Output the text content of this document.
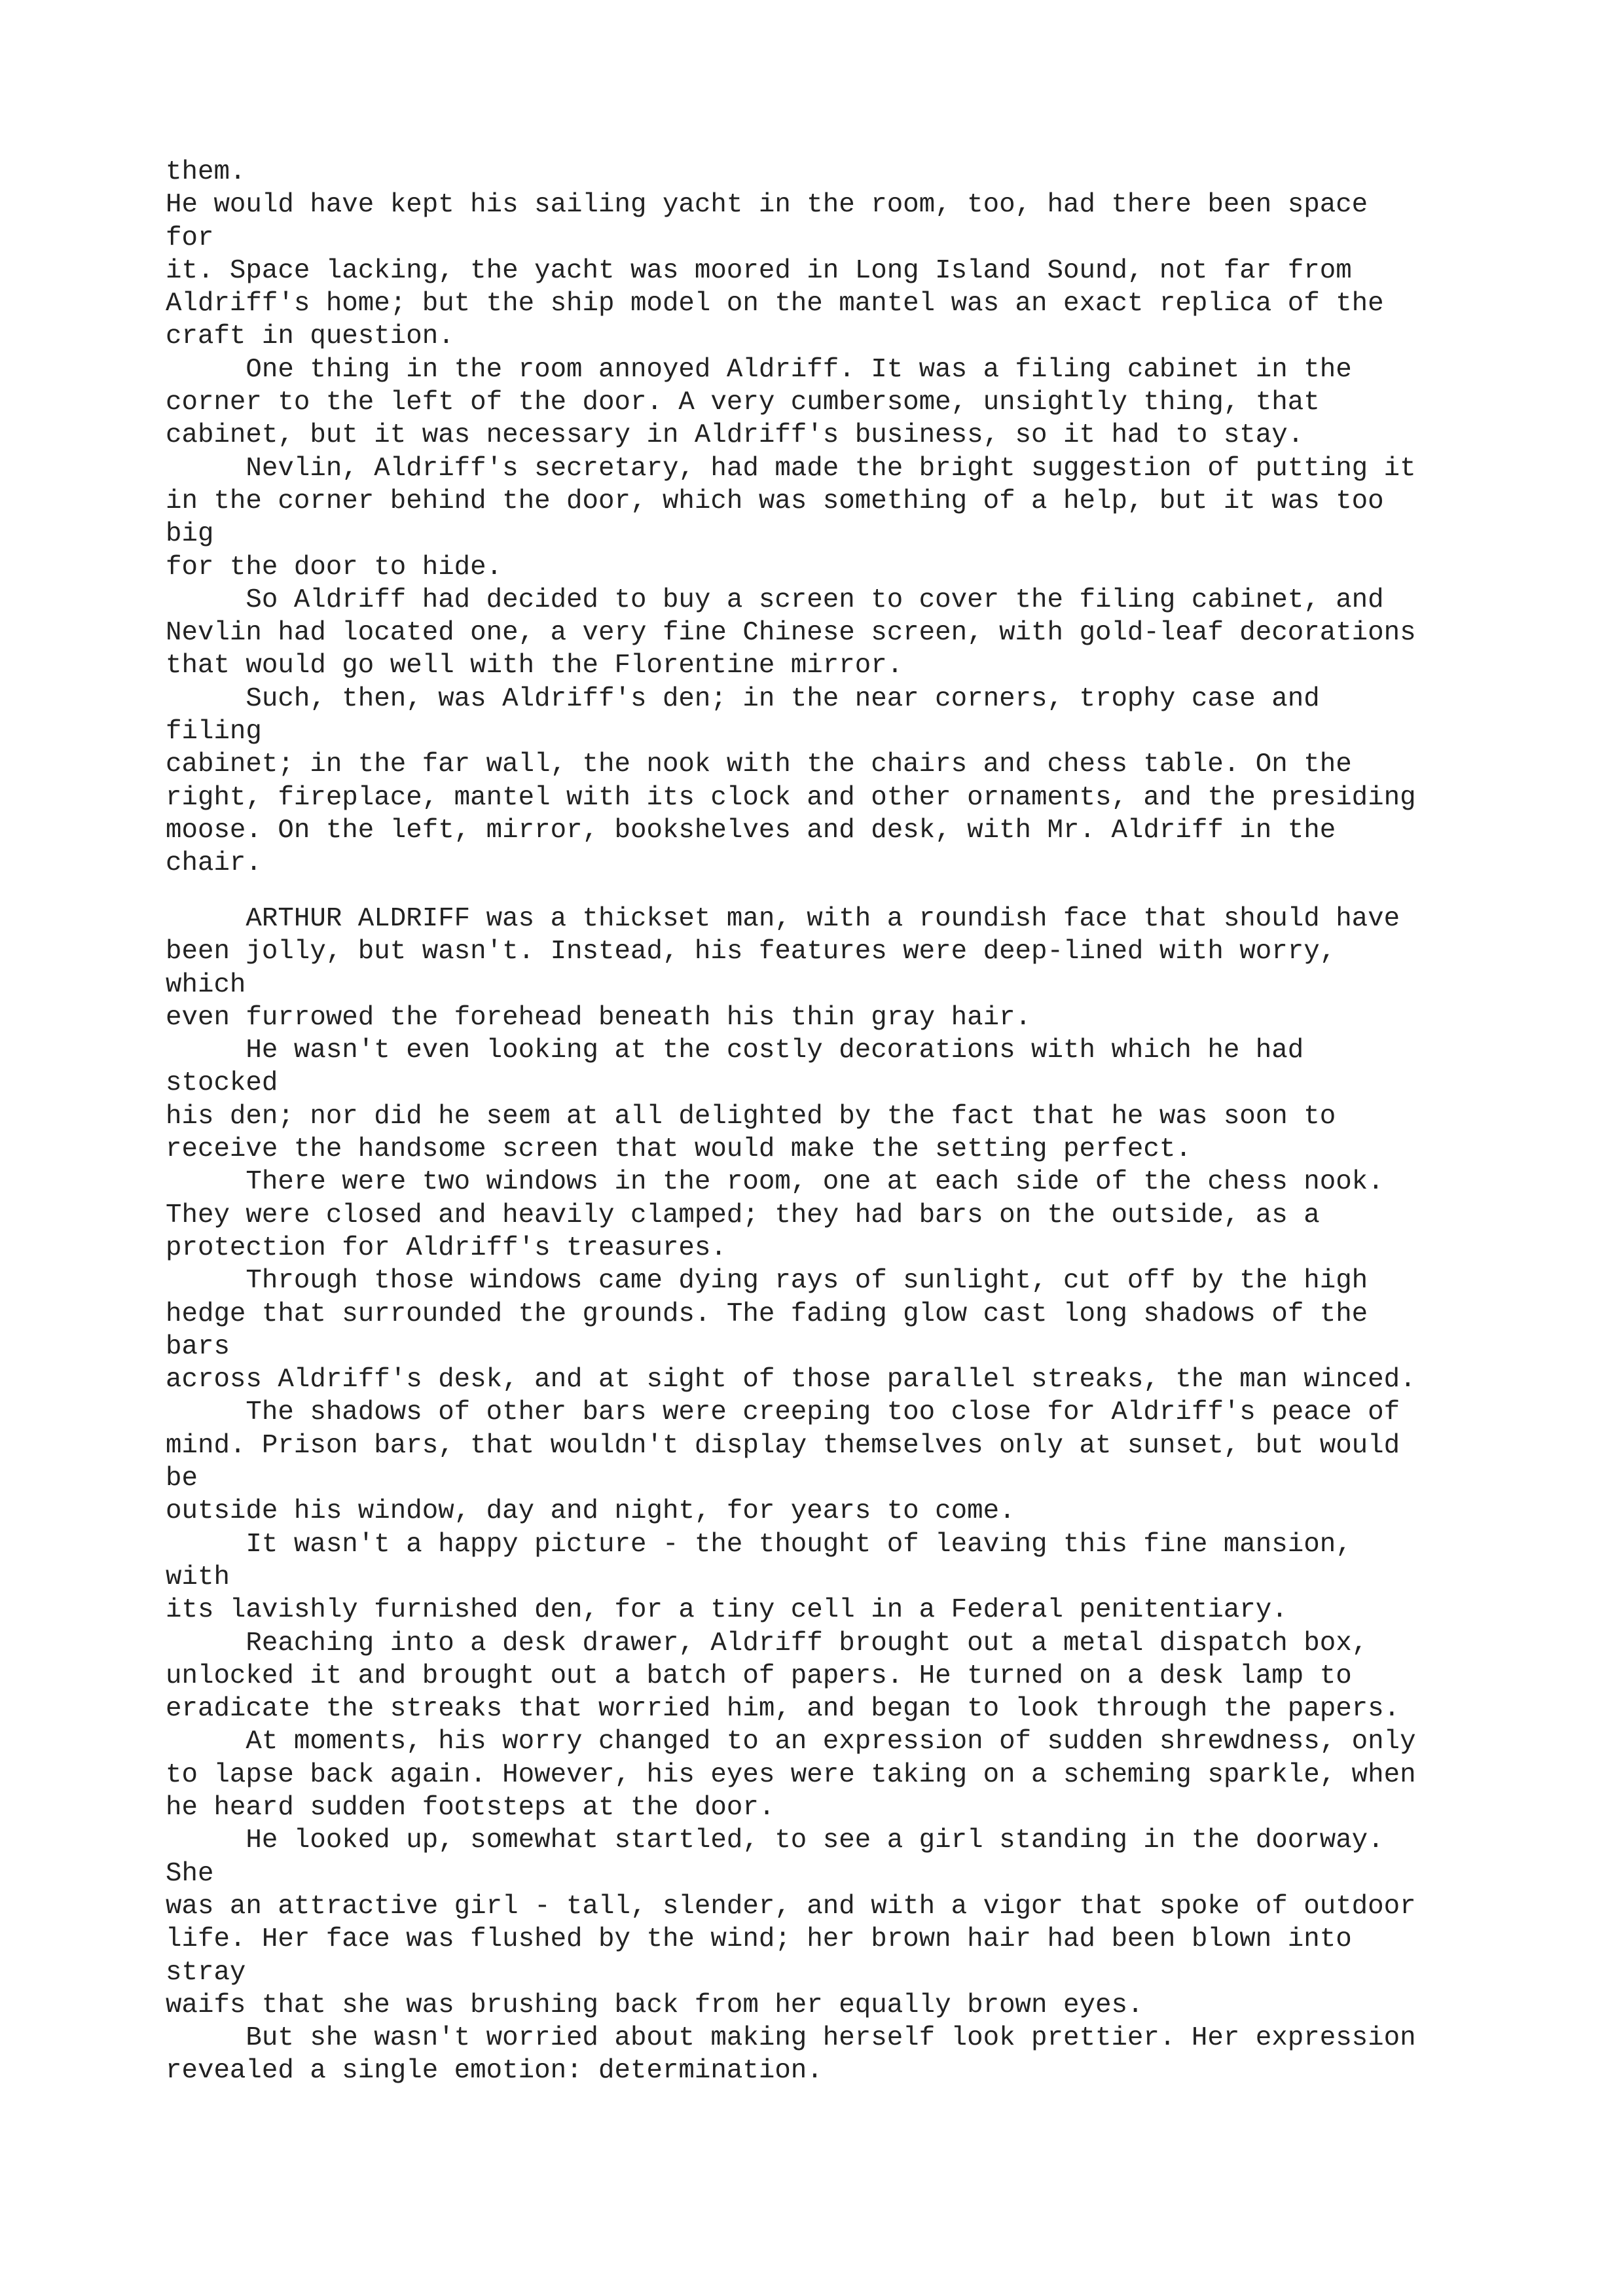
them.
He would have kept his sailing yacht in the room, too, had there been space
for
it. Space lacking, the yacht was moored in Long Island Sound, not far from
Aldriff's home; but the ship model on the mantel was an exact replica of the
craft in question.
One thing in the room annoyed Aldriff. It was a filing cabinet in the
corner to the left of the door. A very cumbersome, unsightly thing, that
cabinet, but it was necessary in Aldriff's business, so it had to stay.
Nevlin, Aldriff's secretary, had made the bright suggestion of putting it
in the corner behind the door, which was something of a help, but it was too
big
for the door to hide.
So Aldriff had decided to buy a screen to cover the filing cabinet, and
Nevlin had located one, a very fine Chinese screen, with gold-leaf decorations
that would go well with the Florentine mirror.
Such, then, was Aldriff's den; in the near corners, trophy case and
filing
cabinet; in the far wall, the nook with the chairs and chess table. On the
right, fireplace, mantel with its clock and other ornaments, and the presiding
moose. On the left, mirror, bookshelves and desk, with Mr. Aldriff in the
chair.
ARTHUR ALDRIFF was a thickset man, with a roundish face that should have
been jolly, but wasn't. Instead, his features were deep-lined with worry,
which
even furrowed the forehead beneath his thin gray hair.
He wasn't even looking at the costly decorations with which he had
stocked
his den; nor did he seem at all delighted by the fact that he was soon to
receive the handsome screen that would make the setting perfect.
There were two windows in the room, one at each side of the chess nook.
They were closed and heavily clamped; they had bars on the outside, as a
protection for Aldriff's treasures.
Through those windows came dying rays of sunlight, cut off by the high
hedge that surrounded the grounds. The fading glow cast long shadows of the
bars
across Aldriff's desk, and at sight of those parallel streaks, the man winced.
The shadows of other bars were creeping too close for Aldriff's peace of
mind. Prison bars, that wouldn't display themselves only at sunset, but would
be
outside his window, day and night, for years to come.
It wasn't a happy picture - the thought of leaving this fine mansion,
with
its lavishly furnished den, for a tiny cell in a Federal penitentiary.
Reaching into a desk drawer, Aldriff brought out a metal dispatch box,
unlocked it and brought out a batch of papers. He turned on a desk lamp to
eradicate the streaks that worried him, and began to look through the papers.
At moments, his worry changed to an expression of sudden shrewdness, only
to lapse back again. However, his eyes were taking on a scheming sparkle, when
he heard sudden footsteps at the door.
He looked up, somewhat startled, to see a girl standing in the doorway.
She
was an attractive girl - tall, slender, and with a vigor that spoke of outdoor
life. Her face was flushed by the wind; her brown hair had been blown into
stray
waifs that she was brushing back from her equally brown eyes.
But she wasn't worried about making herself look prettier. Her expression
revealed a single emotion: determination.
